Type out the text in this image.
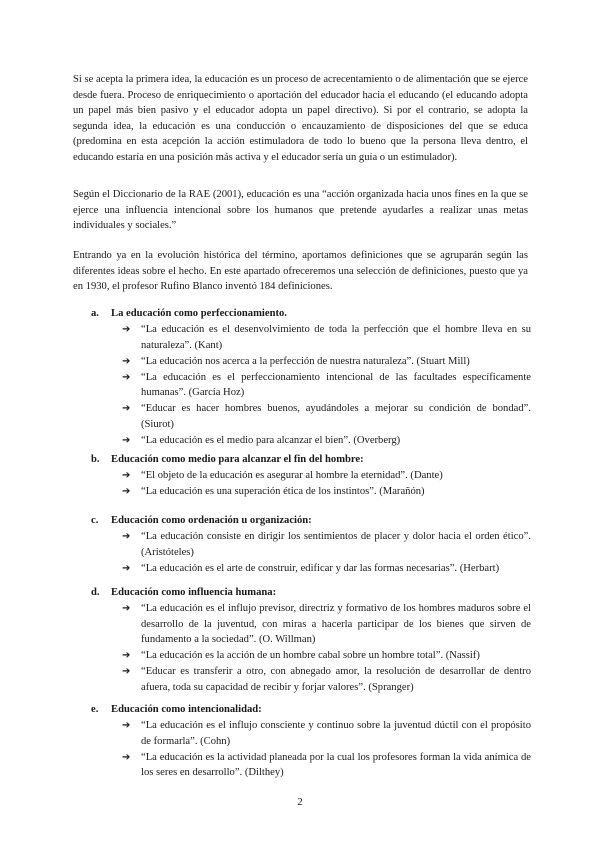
Si se acepta la primera idea, la educación es un proceso de acrecentamiento o de alimentación que se ejerce desde fuera. Proceso de enriquecimiento o aportación del educador hacia el educando (el educando adopta un papel más bien pasivo y el educador adopta un papel directivo). Si por el contrario, se adopta la segunda idea, la educación es una conducción o encauzamiento de disposiciones del que se educa (predomina en esta acepción la acción estimuladora de todo lo bueno que la persona lleva dentro, el educando estaría en una posición más activa y el educador sería un guía o un estimulador).

Según el Diccionario de la RAE (2001), educación es una “acción organizada hacia unos fines en la que se ejerce una influencia intencional sobre los humanos que pretende ayudarles a realizar unas metas individuales y sociales.”

Entrando ya en la evolución histórica del término, aportamos definiciones que se agruparán según las diferentes ideas sobre el hecho. En este apartado ofreceremos una selección de definiciones, puesto que ya en 1930, el profesor Rufino Blanco inventó 184 definiciones.

a.	La educación como perfeccionamiento.
➔	“La educación es el desenvolvimiento de toda la perfección que el hombre lleva en su naturaleza”. (Kant)
➔	“La educación nos acerca a la perfección de nuestra naturaleza”. (Stuart Mill)
➔	“La educación es el perfeccionamiento intencional de las facultades específicamente humanas”. (García Hoz)
➔	“Educar es hacer hombres buenos, ayudándoles a mejorar su condición de bondad”. (Siurot)
➔	“La educación es el medio para alcanzar el bien”. (Overberg)
b.	Educación como medio para alcanzar el fin del hombre:
➔	“El objeto de la educación es asegurar al hombre la eternidad”. (Dante)
➔	“La educación es una superación ética de los instintos”. (Marañón)
c.	Educación como ordenación u organización:
➔	“La educación consiste en dirigir los sentimientos de placer y dolor hacia el orden ético”. (Aristóteles)
➔	“La educación es el arte de construir, edificar y dar las formas necesarias”. (Herbart)
d.	Educación como influencia humana:
➔	“La educación es el influjo previsor, directriz y formativo de los hombres maduros sobre el desarrollo de la juventud, con miras a hacerla participar de los bienes que sirven de fundamento a la sociedad”. (O. Willman)
➔	“La educación es la acción de un hombre cabal sobre un hombre total”. (Nassif)
➔	“Educar es transferir a otro, con abnegado amor, la resolución de desarrollar de dentro afuera, toda su capacidad de recibir y forjar valores”. (Spranger)
e.	Educación como intencionalidad:
➔	“La educación es el influjo consciente y continuo sobre la juventud dúctil con el propósito de formarla”. (Cohn)
➔	“La educación es la actividad planeada por la cual los profesores forman la vida anímica de los seres en desarrollo”. (Dilthey)
2
